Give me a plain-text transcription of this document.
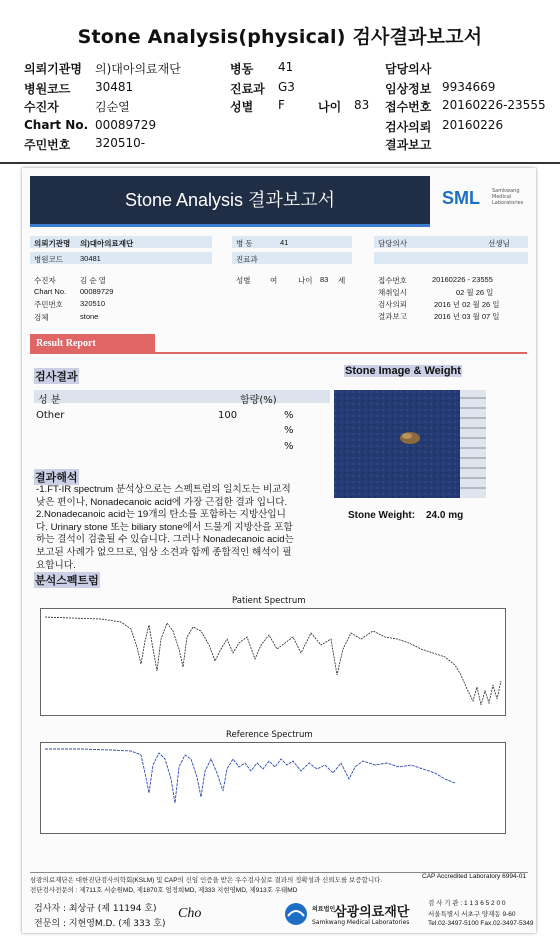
Stone Analysis(physical) 검사결과보고서
의뢰기관명 의)대아의료재단
병원코드 30481
수진자	김순열
Chart No. 00089729
주민번호 320510-
병동 41
진료과 G3
성별 F	나이 83
담당의사
임상정보 9934669
접수번호 20160226-23555
검사의뢰 20160226
결과보고
Stone Analysis 결과보고서	SML Samkwang
Medical
Laboratories
의뢰기관명 의)대아의료재단
병원코드 30481
수진자	김 순 열
Chart No. 00089729
주민번호 320510
검체	stone
병 동	41
진료과
성별	여	나이 83 세
담당의사	선생님
접수번호	20160226 - 23555
채취일시	02 월 26 일
검사의뢰	2016 년 02 월 26 일
결과보고	2016 년 03 월 07 일
Result Report
검사결과
성 분	함량(%)
Other	100	%
%
%
Stone Image & Weight
Stone Weight: 24.0 mg
결과해석
-1.FT-IR spectrum 분석상으로는 스펙트럼의 일치도는 비교적
낮은 편이나, Nonadecanoic acid에 가장 근접한 결과 입니다.
2.Nonadecanoic acid는 19개의 탄소를 포함하는 지방산입니
다. Urinary stone 또는 biliary stone에서 드물게 지방산을 포함
하는 결석이 검출될 수 있습니다. 그러나 Nonadecanoic acid는
보고된 사례가 없으므로, 임상 소견과 함께 종합적인 해석이 필
요합니다.
분석스펙트럼
Patient Spectrum
Reference Spectrum
삼광의료재단은 대한진단검사의학회(KSLM) 및 CAP의 신임 인증을 받은 우수검사실로 결과의 정확성과 신뢰도를 보증합니다.
CAP Accredited Laboratory 6994-01
전단검사전문의 : 제711호 서순원MD, 제1870호 엄정희MD, 제333 지현영MD, 제913호 우태MD
검사자 : 최상규 (제 11194 호)
전문의 : 지현영M.D. (제 333 호)
Cho	의료법인
삼광의료재단
Samkwang Medical Laboratories
검 사 기 관 : 1 1 3 6 5 2 0 0
서울특별시 서초구 양재동 9-60
Tel.02-3497-5100 Fax.02-3497-5349
